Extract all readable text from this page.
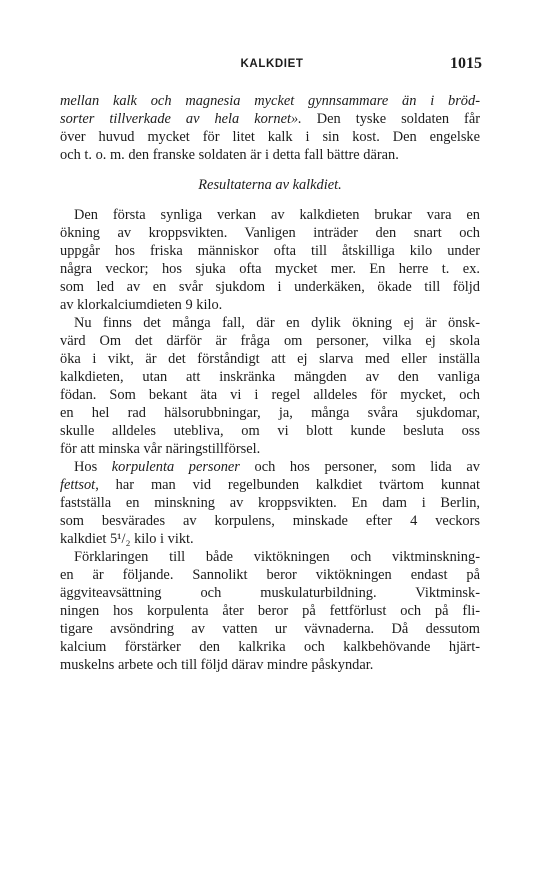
KALKDIET	1015
mellan kalk och magnesia mycket gynnsammare än i bröd-
sorter tillverkade av hela kornet». Den tyske soldaten får
över huvud mycket för litet kalk i sin kost. Den engelske
och t. o. m. den franske soldaten är i detta fall bättre däran.
Resultaterna av kalkdiet.
Den första synliga verkan av kalkdieten brukar vara en
ökning av kroppsvikten. Vanligen inträder den snart och
uppgår hos friska människor ofta till åtskilliga kilo under
några veckor; hos sjuka ofta mycket mer. En herre t. ex.
som led av en svår sjukdom i underkäken, ökade till följd
av klorkalciumdieten 9 kilo.
Nu finns det många fall, där en dylik ökning ej är önsk-
värd Om det därför är fråga om personer, vilka ej skola
öka i vikt, är det förståndigt att ej slarva med eller inställa
kalkdieten, utan att inskränka mängden av den vanliga
födan. Som bekant äta vi i regel alldeles för mycket, och
en hel rad hälsorubbningar, ja, många svåra sjukdomar,
skulle alldeles utebliva, om vi blott kunde besluta oss
för att minska vår näringstillförsel.
Hos korpulenta personer och hos personer, som lida av
fettsot, har man vid regelbunden kalkdiet tvärtom kunnat
fastställa en minskning av kroppsvikten. En dam i Berlin,
som besvärades av korpulens, minskade efter 4 veckors
kalkdiet 5¹/₂ kilo i vikt.
Förklaringen till både viktökningen och viktminskning-
en är följande. Sannolikt beror viktökningen endast på
äggviteavsättning och muskulaturbildning. Viktminsk-
ningen hos korpulenta åter beror på fettförlust och på fli-
tigare avsöndring av vatten ur vävnaderna. Då dessutom
kalcium förstärker den kalkrika och kalkbehövande hjärt-
muskelns arbete och till följd därav mindre påskyndar.
